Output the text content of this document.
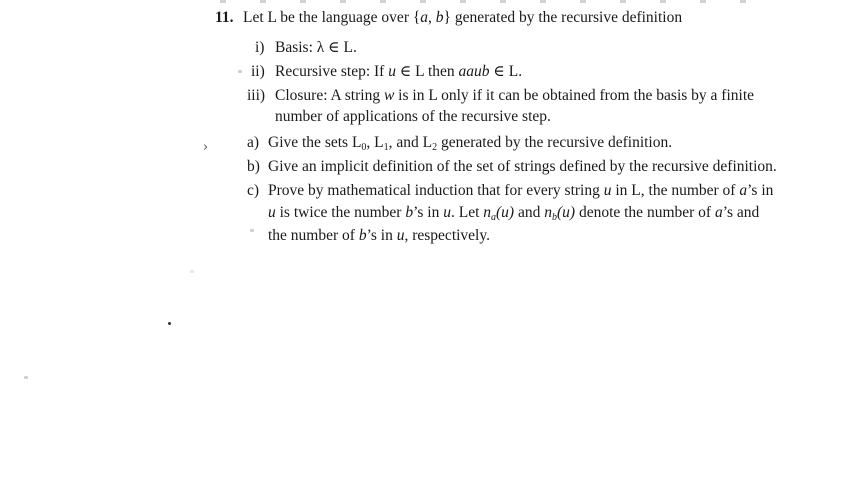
11. Let L be the language over {a, b} generated by the recursive definition
i) Basis: λ ∈ L.
ii) Recursive step: If u ∈ L then aaub ∈ L.
iii) Closure: A string w is in L only if it can be obtained from the basis by a finite
number of applications of the recursive step.
›	a) Give the sets $L_0$, $L_1$, and $L_2$ generated by the recursive definition.
b) Give an implicit definition of the set of strings defined by the recursive definition.
c) Prove by mathematical induction that for every string u in L, the number of a’s in
u is twice the number b’s in u. Let $n_a(u)$ and $n_b(u)$ denote the number of a’s and
the number of b’s in u, respectively.
